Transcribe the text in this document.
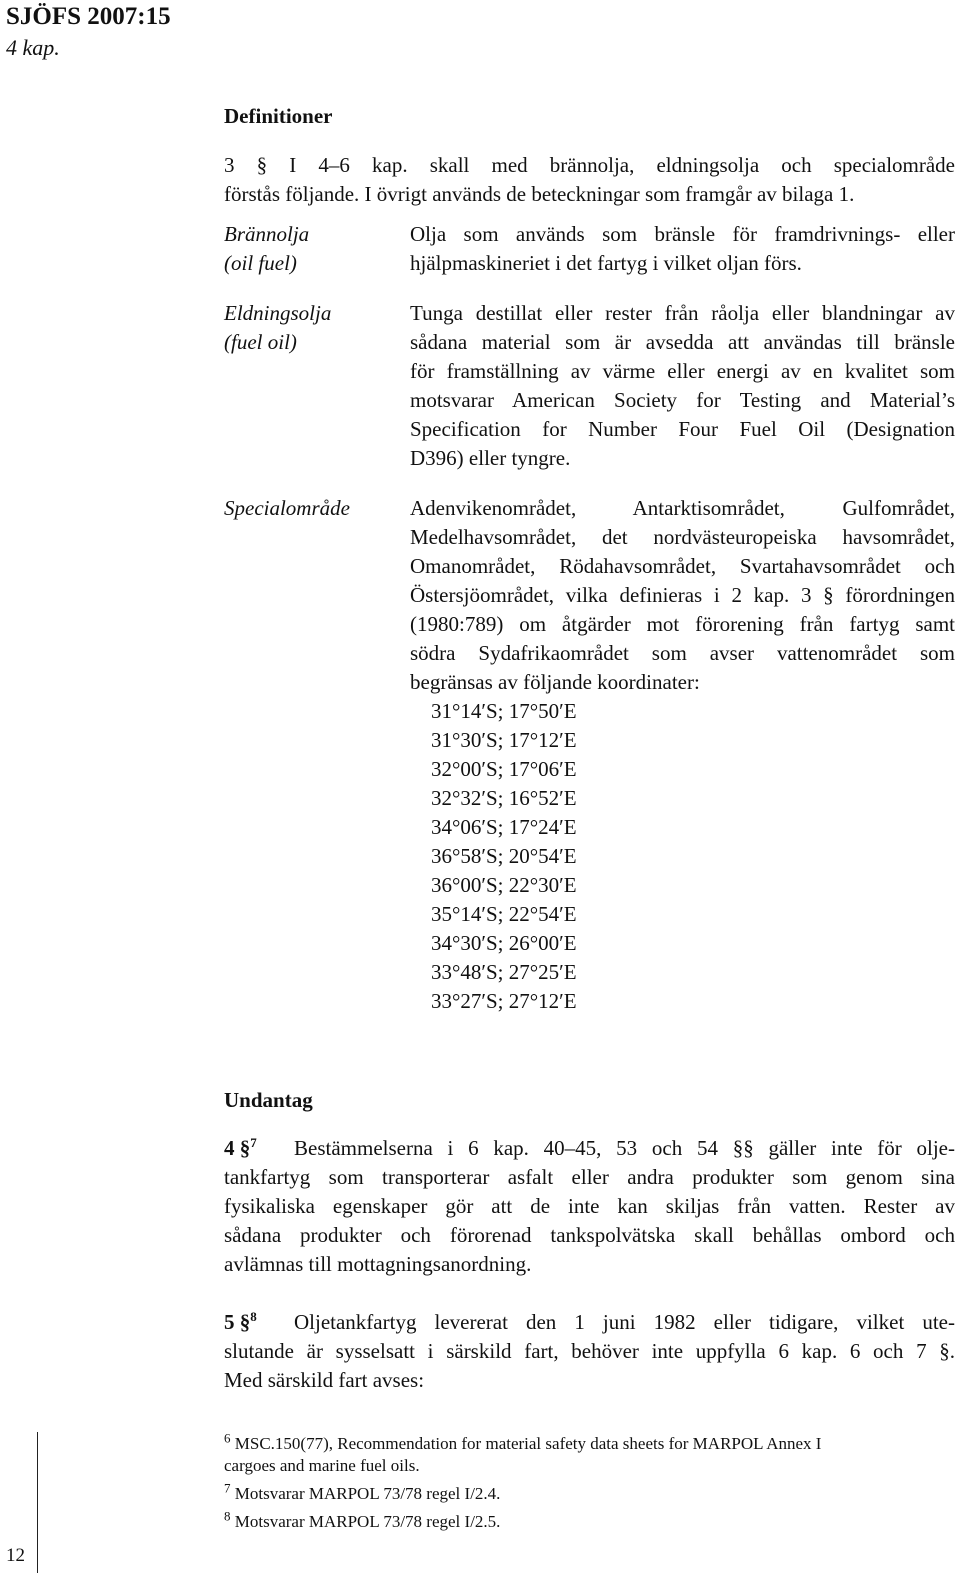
SJÖFS 2007:15
4 kap.
Definitioner
3 § I 4–6 kap. skall med brännolja, eldningsolja och specialområde
förstås följande. I övrigt används de beteckningar som framgår av bilaga 1.
Brännolja
(oil fuel)
Olja som används som bränsle för framdrivnings- eller
hjälpmaskineriet i det fartyg i vilket oljan förs.
Eldningsolja
(fuel oil)
Tunga destillat eller rester från råolja eller blandningar av
sådana material som är avsedda att användas till bränsle
för framställning av värme eller energi av en kvalitet som
motsvarar American Society for Testing and Material’s
Specification for Number Four Fuel Oil (Designation
D396) eller tyngre.
Specialområde	Adenvikenområdet, Antarktisområdet, Gulfområdet,
Medelhavsområdet, det nordvästeuropeiska havsområdet,
Omanområdet, Rödahavsområdet, Svartahavsområdet och
Östersjöområdet, vilka definieras i 2 kap. 3 § förordningen
(1980:789) om åtgärder mot förorening från fartyg samt
södra Sydafrikaområdet som avser vattenområdet som
begränsas av följande koordinater:
31°14′S; 17°50′E
31°30′S; 17°12′E
32°00′S; 17°06′E
32°32′S; 16°52′E
34°06′S; 17°24′E
36°58′S; 20°54′E
36°00′S; 22°30′E
35°14′S; 22°54′E
34°30′S; 26°00′E
33°48′S; 27°25′E
33°27′S; 27°12′E
Undantag
4 §$^7$ Bestämmelserna i 6 kap. 40–45, 53 och 54 §§ gäller inte för olje-
tankfartyg som transporterar asfalt eller andra produkter som genom sina
fysikaliska egenskaper gör att de inte kan skiljas från vatten. Rester av
sådana produkter och förorenad tankspolvätska skall behållas ombord och
avlämnas till mottagningsanordning.
5 §$^8$ Oljetankfartyg levererat den 1 juni 1982 eller tidigare, vilket ute-
slutande är sysselsatt i särskild fart, behöver inte uppfylla 6 kap. 6 och 7 §.
Med särskild fart avses:
$^6$ MSC.150(77), Recommendation for material safety data sheets for MARPOL Annex I
cargoes and marine fuel oils.
$^7$ Motsvarar MARPOL 73/78 regel I/2.4.
$^8$ Motsvarar MARPOL 73/78 regel I/2.5.
12
